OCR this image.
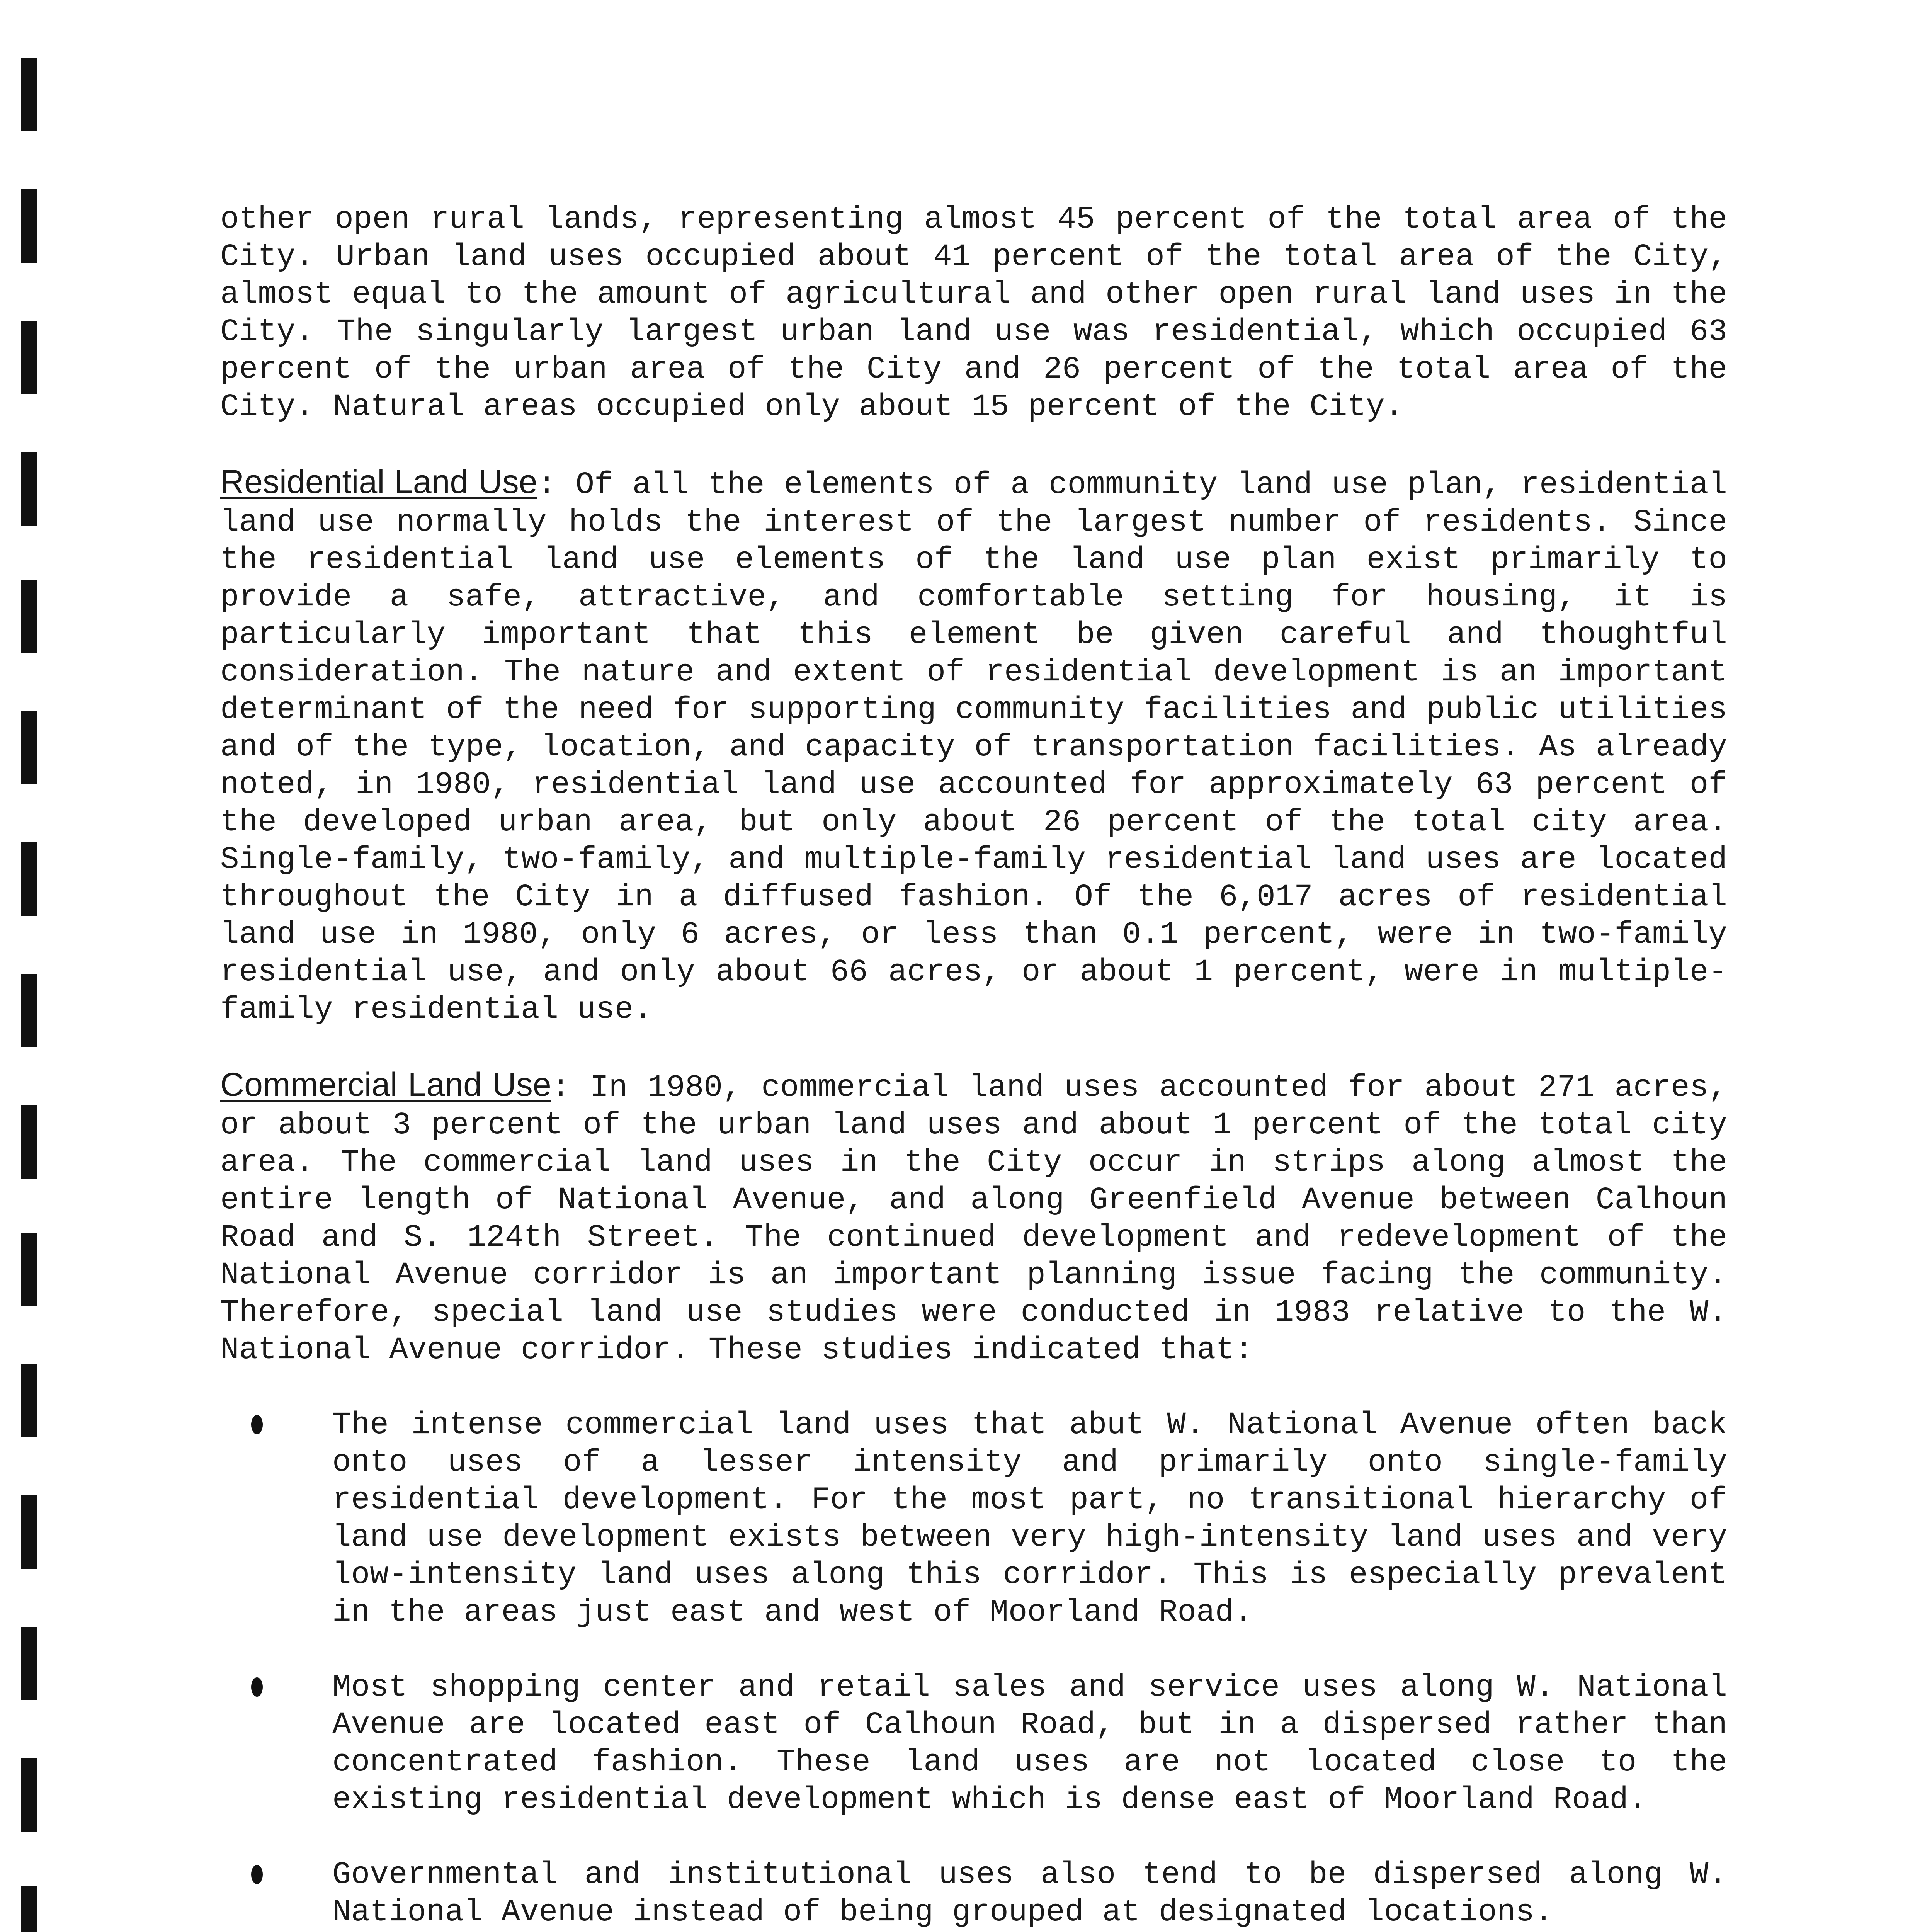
other open rural lands, representing almost 45 percent of the total area of the City. Urban land uses occupied about 41 percent of the total area of the City, almost equal to the amount of agricultural and other open rural land uses in the City. The singularly largest urban land use was residential, which occupied 63 percent of the urban area of the City and 26 percent of the total area of the City. Natural areas occupied only about 15 percent of the City.

Residential Land Use: Of all the elements of a community land use plan, residential land use normally holds the interest of the largest number of residents. Since the residential land use elements of the land use plan exist primarily to provide a safe, attractive, and comfortable setting for housing, it is particularly important that this element be given careful and thoughtful consideration. The nature and extent of residential development is an important determinant of the need for supporting community facilities and public utilities and of the type, location, and capacity of transportation facilities. As already noted, in 1980, residential land use accounted for approximately 63 percent of the developed urban area, but only about 26 percent of the total city area. Single-family, two-family, and multiple-family residential land uses are located throughout the City in a diffused fashion. Of the 6,017 acres of residential land use in 1980, only 6 acres, or less than 0.1 percent, were in two-family residential use, and only about 66 acres, or about 1 percent, were in multiple-family residential use.

Commercial Land Use: In 1980, commercial land uses accounted for about 271 acres, or about 3 percent of the urban land uses and about 1 percent of the total city area. The commercial land uses in the City occur in strips along almost the entire length of National Avenue, and along Greenfield Avenue between Calhoun Road and S. 124th Street. The continued development and redevelopment of the National Avenue corridor is an important planning issue facing the community. Therefore, special land use studies were conducted in 1983 relative to the W. National Avenue corridor. These studies indicated that:

The intense commercial land uses that abut W. National Avenue often back onto uses of a lesser intensity and primarily onto single-family residential development. For the most part, no transitional hierarchy of land use development exists between very high-intensity land uses and very low-intensity land uses along this corridor. This is especially prevalent in the areas just east and west of Moorland Road.
Most shopping center and retail sales and service uses along W. National Avenue are located east of Calhoun Road, but in a dispersed rather than concentrated fashion. These land uses are not located close to the existing residential development which is dense east of Moorland Road.
Governmental and institutional uses also tend to be dispersed along W. National Avenue instead of being grouped at designated locations.
